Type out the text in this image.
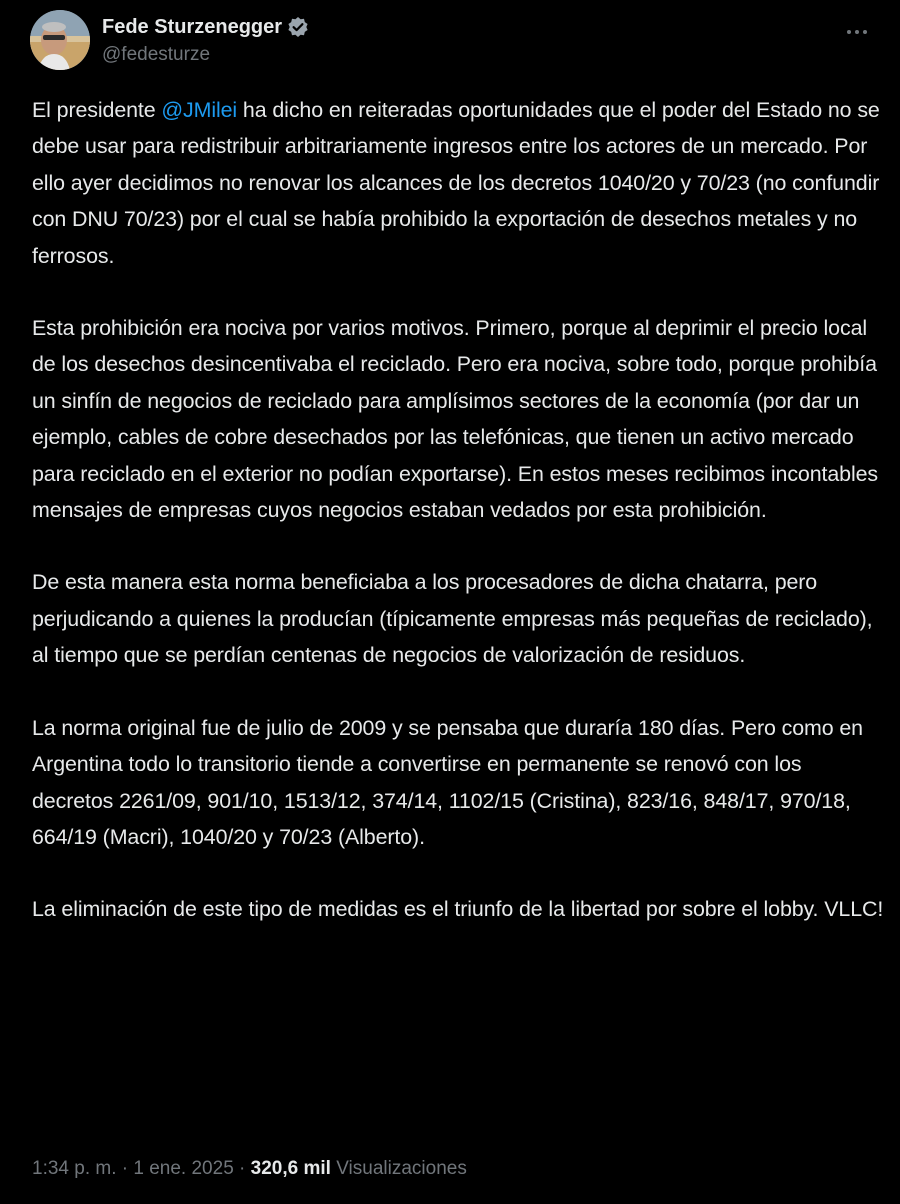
Fede Sturzenegger
@fedesturze

El presidente @JMilei ha dicho en reiteradas oportunidades que el poder del Estado no se debe usar para redistribuir arbitrariamente ingresos entre los actores de un mercado. Por ello ayer decidimos no renovar los alcances de los decretos 1040/20 y 70/23 (no confundir con DNU 70/23) por el cual se había prohibido la exportación de desechos metales y no ferrosos.

Esta prohibición era nociva por varios motivos. Primero, porque al deprimir el precio local de los desechos desincentivaba el reciclado. Pero era nociva, sobre todo, porque prohibía un sinfín de negocios de reciclado para amplísimos sectores de la economía (por dar un ejemplo, cables de cobre desechados por las telefónicas, que tienen un activo mercado para reciclado en el exterior no podían exportarse). En estos meses recibimos incontables mensajes de empresas cuyos negocios estaban vedados por esta prohibición.

De esta manera esta norma beneficiaba a los procesadores de dicha chatarra, pero perjudicando a quienes la producían (típicamente empresas más pequeñas de reciclado), al tiempo que se perdían centenas de negocios de valorización de residuos.

La norma original fue de julio de 2009 y se pensaba que duraría 180 días. Pero como en Argentina todo lo transitorio tiende a convertirse en permanente se renovó con los decretos 2261/09, 901/10, 1513/12, 374/14, 1102/15 (Cristina), 823/16, 848/17, 970/18, 664/19 (Macri), 1040/20 y 70/23 (Alberto).

La eliminación de este tipo de medidas es el triunfo de la libertad por sobre el lobby. VLLC!

1:34 p. m. · 1 ene. 2025 · 320,6 mil Visualizaciones
